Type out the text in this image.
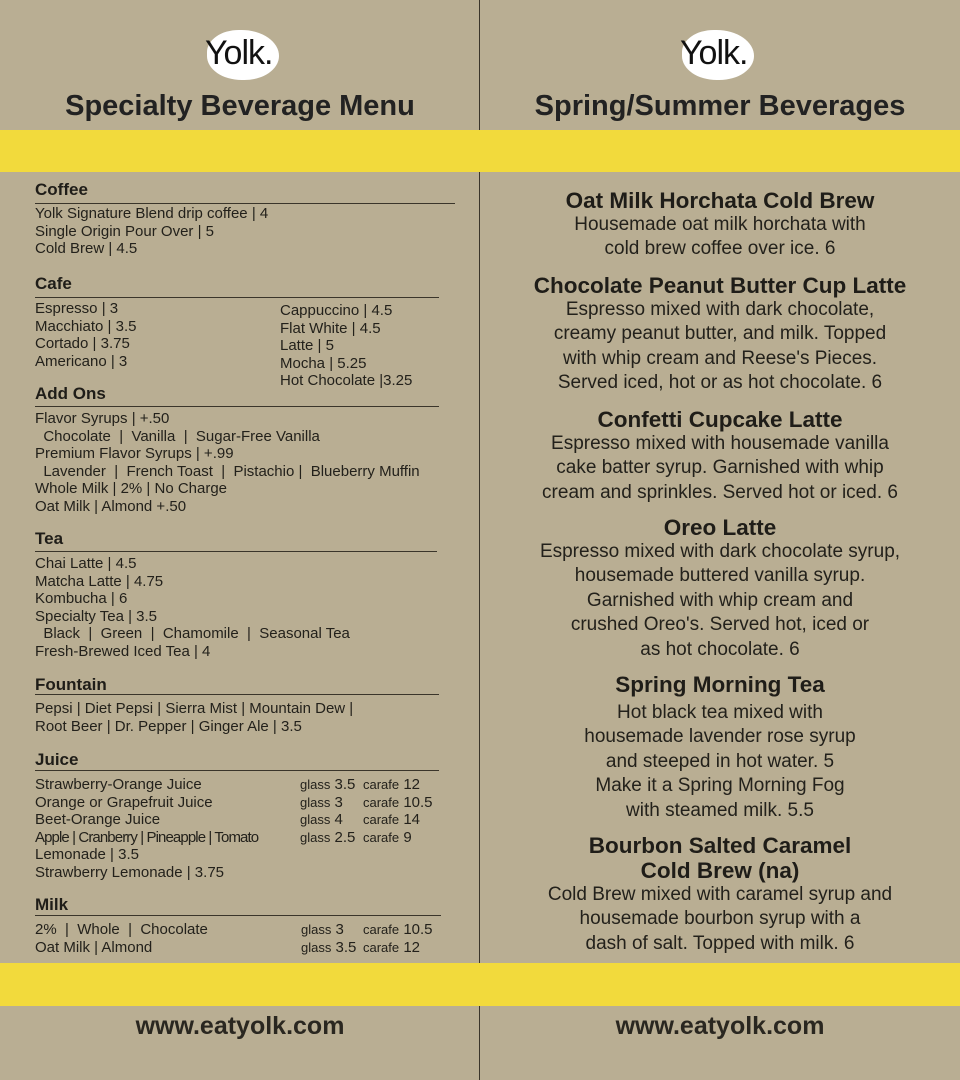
Yolk.	Yolk.
Specialty Beverage Menu	Spring/Summer Beverages
Coffee
Yolk Signature Blend drip coffee | 4
Single Origin Pour Over | 5
Cold Brew | 4.5
Cafe
Espresso | 3
Macchiato | 3.5
Cortado | 3.75
Americano | 3
Cappuccino | 4.5
Flat White | 4.5
Latte | 5
Mocha | 5.25
Hot Chocolate |3.25
Add Ons
Flavor Syrups | +.50
Chocolate  |  Vanilla  |  Sugar-Free Vanilla
Premium Flavor Syrups | +.99
Lavender  |  French Toast  |  Pistachio |  Blueberry Muffin
Whole Milk | 2% | No Charge
Oat Milk | Almond +.50
Tea
Chai Latte | 4.5
Matcha Latte | 4.75
Kombucha | 6
Specialty Tea | 3.5
Black  |  Green  |  Chamomile  |  Seasonal Tea
Fresh-Brewed Iced Tea | 4
Fountain
Pepsi | Diet Pepsi | Sierra Mist | Mountain Dew |
Root Beer | Dr. Pepper | Ginger Ale | 3.5
Juice
Strawberry-Orange Juice	glass 3.5 carafe 12
Orange or Grapefruit Juice	glass 3 carafe 10.5
Beet-Orange Juice	glass 4 carafe 14
Apple | Cranberry | Pineapple | Tomato	glass 2.5 carafe 9
Lemonade | 3.5
Strawberry Lemonade | 3.75
Milk
2%  |  Whole  |  Chocolate	glass 3 carafe 10.5
Oat Milk | Almond	glass 3.5 carafe 12
Oat Milk Horchata Cold Brew
Housemade oat milk horchata with
cold brew coffee over ice. 6
Chocolate Peanut Butter Cup Latte
Espresso mixed with dark chocolate,
creamy peanut butter, and milk. Topped
with whip cream and Reese's Pieces.
Served iced, hot or as hot chocolate. 6
Confetti Cupcake Latte
Espresso mixed with housemade vanilla
cake batter syrup. Garnished with whip
cream and sprinkles. Served hot or iced. 6
Oreo Latte
Espresso mixed with dark chocolate syrup,
housemade buttered vanilla syrup.
Garnished with whip cream and
crushed Oreo's. Served hot, iced or
as hot chocolate. 6
Spring Morning Tea
Hot black tea mixed with
housemade lavender rose syrup
and steeped in hot water. 5
Make it a Spring Morning Fog
with steamed milk. 5.5
Bourbon Salted Caramel
Cold Brew (na)
Cold Brew mixed with caramel syrup and
housemade bourbon syrup with a
dash of salt. Topped with milk. 6
www.eatyolk.com	www.eatyolk.com
